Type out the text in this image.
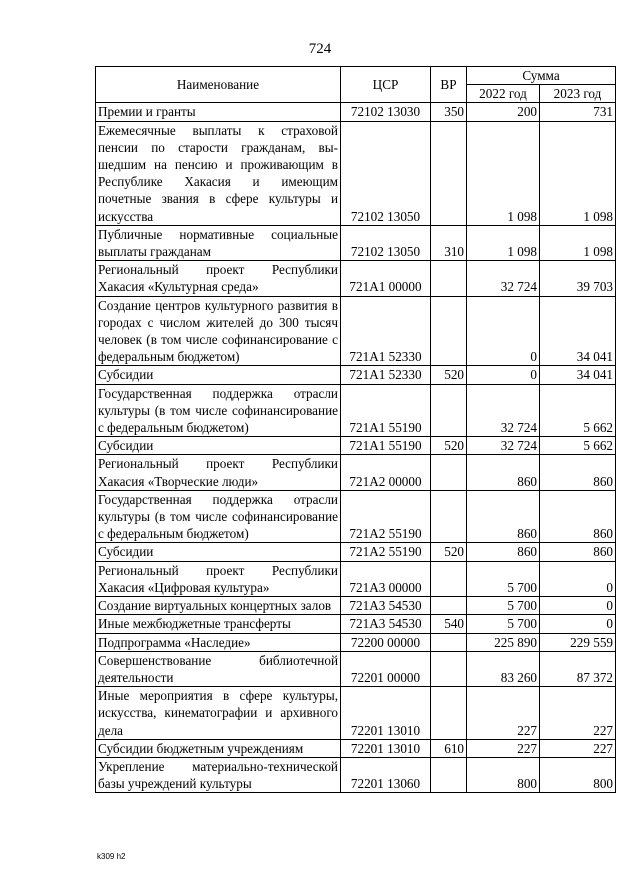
724
Наименование	ЦСР	ВР	Сумма	
			2022 год	2023 год
Премии и гранты	72102 13030	350	200	731
Ежемесячные выплаты к страховой пенсии по старости гражданам, вышедшим на пенсию и проживающим в Республике Хакасия и имеющим почетные звания в сфере культуры и искусства	72102 13050		1 098	1 098
Публичные нормативные социальные выплаты гражданам	72102 13050	310	1 098	1 098
Региональный проект Республики Хакасия «Культурная среда»	721А1 00000		32 724	39 703
Создание центров культурного развития в городах с числом жителей до 300 тысяч человек (в том числе софинансирование с федеральным бюджетом)	721А1 52330		0	34 041
Субсидии	721А1 52330	520	0	34 041
Государственная поддержка отрасли культуры (в том числе софинансирование с федеральным бюджетом)	721А1 55190		32 724	5 662
Субсидии	721А1 55190	520	32 724	5 662
Региональный проект Республики Хакасия «Творческие люди»	721А2 00000		860	860
Государственная поддержка отрасли культуры (в том числе софинансирование с федеральным бюджетом)	721А2 55190		860	860
Субсидии	721А2 55190	520	860	860
Региональный проект Республики Хакасия «Цифровая культура»	721А3 00000		5 700	0
Создание виртуальных концертных залов	721А3 54530		5 700	0
Иные межбюджетные трансферты	721А3 54530	540	5 700	0
Подпрограмма «Наследие»	72200 00000		225 890	229 559
Совершенствование библиотечной деятельности	72201 00000		83 260	87 372
Иные мероприятия в сфере культуры, искусства, кинематографии и архивного дела	72201 13010		227	227
Субсидии бюджетным учреждениям	72201 13010	610	227	227
Укрепление материально-технической базы учреждений культуры	72201 13060		800	800
k309 h2
